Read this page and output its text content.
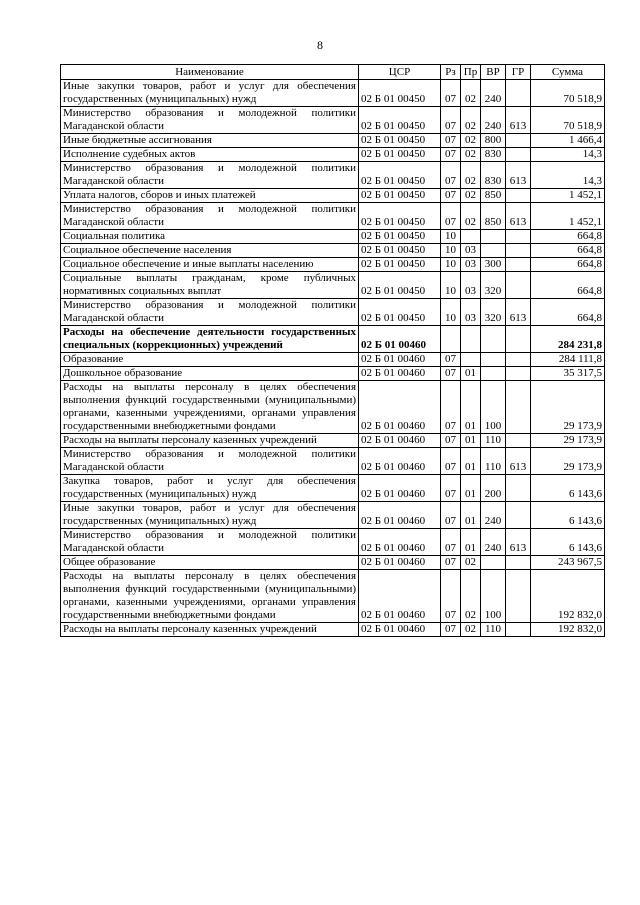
8
Наименование	ЦСР	Рз	Пр	ВР	ГР	Сумма
Иные закупки товаров, работ и услуг для обеспечения государственных (муниципальных) нужд	02 Б 01 00450	07	02	240		70 518,9
Министерство образования и молодежной политики Магаданской области	02 Б 01 00450	07	02	240	613	70 518,9
Иные бюджетные ассигнования	02 Б 01 00450	07	02	800		1 466,4
Исполнение судебных актов	02 Б 01 00450	07	02	830		14,3
Министерство образования и молодежной политики Магаданской области	02 Б 01 00450	07	02	830	613	14,3
Уплата налогов, сборов и иных платежей	02 Б 01 00450	07	02	850		1 452,1
Министерство образования и молодежной политики Магаданской области	02 Б 01 00450	07	02	850	613	1 452,1
Социальная политика	02 Б 01 00450	10				664,8
Социальное обеспечение населения	02 Б 01 00450	10	03			664,8
Социальное обеспечение и иные выплаты населению	02 Б 01 00450	10	03	300		664,8
Социальные выплаты гражданам, кроме публичных нормативных социальных выплат	02 Б 01 00450	10	03	320		664,8
Министерство образования и молодежной политики Магаданской области	02 Б 01 00450	10	03	320	613	664,8
Расходы на обеспечение деятельности государственных специальных (коррекционных) учреждений	02 Б 01 00460					284 231,8
Образование	02 Б 01 00460	07				284 111,8
Дошкольное образование	02 Б 01 00460	07	01			35 317,5
Расходы на выплаты персоналу в целях обеспечения выполнения функций государственными (муниципальными) органами, казенными учреждениями, органами управления государственными внебюджетными фондами	02 Б 01 00460	07	01	100		29 173,9
Расходы на выплаты персоналу казенных учреждений	02 Б 01 00460	07	01	110		29 173,9
Министерство образования и молодежной политики Магаданской области	02 Б 01 00460	07	01	110	613	29 173,9
Закупка товаров, работ и услуг для обеспечения государственных (муниципальных) нужд	02 Б 01 00460	07	01	200		6 143,6
Иные закупки товаров, работ и услуг для обеспечения государственных (муниципальных) нужд	02 Б 01 00460	07	01	240		6 143,6
Министерство образования и молодежной политики Магаданской области	02 Б 01 00460	07	01	240	613	6 143,6
Общее образование	02 Б 01 00460	07	02			243 967,5
Расходы на выплаты персоналу в целях обеспечения выполнения функций государственными (муниципальными) органами, казенными учреждениями, органами управления государственными внебюджетными фондами	02 Б 01 00460	07	02	100		192 832,0
Расходы на выплаты персоналу казенных учреждений	02 Б 01 00460	07	02	110		192 832,0
